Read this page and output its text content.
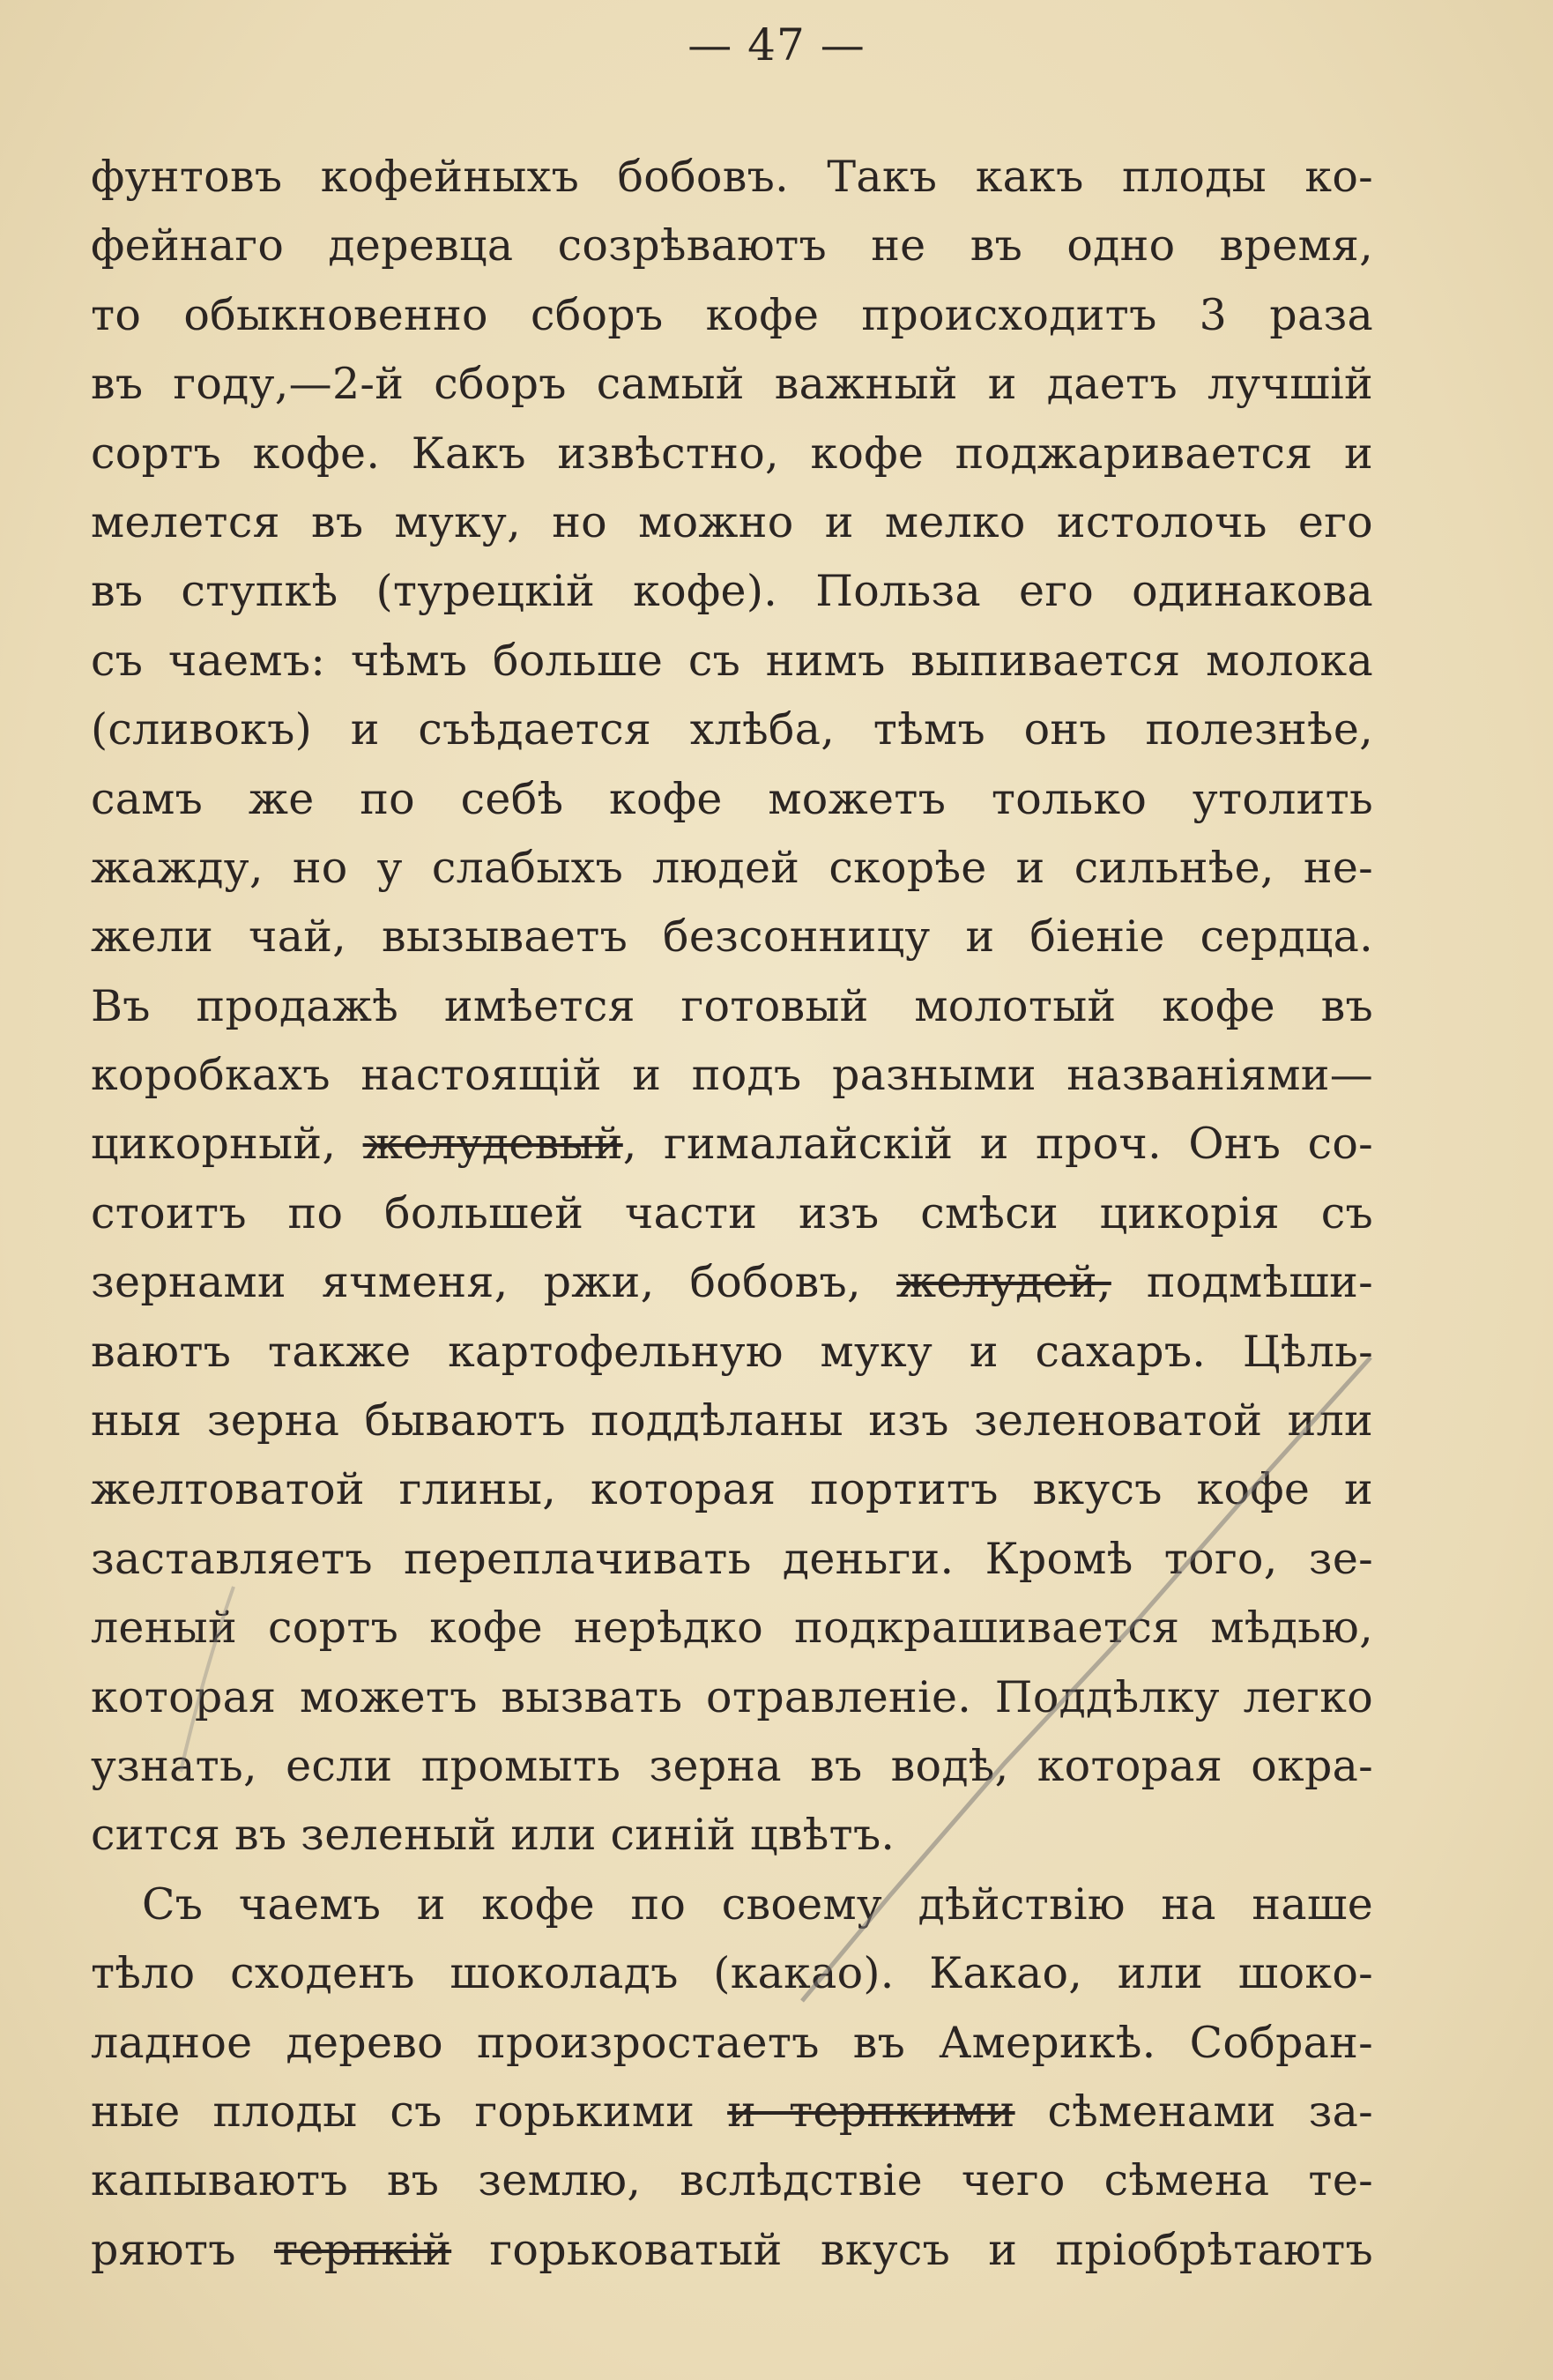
— 47 —
фунтовъ кофейныхъ бобовъ. Такъ какъ плоды ко-
фейнаго деревца созрѣваютъ не въ одно время,
то обыкновенно сборъ кофе происходитъ 3 раза
въ году,—2-й сборъ самый важный и даетъ лучшій
сортъ кофе. Какъ извѣстно, кофе поджаривается и
мелется въ муку, но можно и мелко истолочь его
въ ступкѣ (турецкій кофе). Польза его одинакова
съ чаемъ: чѣмъ больше съ нимъ выпивается молока
(сливокъ) и съѣдается хлѣба, тѣмъ онъ полезнѣе,
самъ же по себѣ кофе можетъ только утолить
жажду, но у слабыхъ людей скорѣе и сильнѣе, не-
жели чай, вызываетъ безсонницу и біеніе сердца.
Въ продажѣ имѣется готовый молотый кофе въ
коробкахъ настоящій и подъ разными названіями—
цикорный, желудевый, гималайскій и проч. Онъ со-
стоитъ по большей части изъ смѣси цикорія съ
зернами ячменя, ржи, бобовъ, желудей, подмѣши-
ваютъ также картофельную муку и сахаръ. Цѣль-
ныя зерна бываютъ поддѣланы изъ зеленоватой или
желтоватой глины, которая портитъ вкусъ кофе и
заставляетъ переплачивать деньги. Кромѣ того, зе-
леный сортъ кофе нерѣдко подкрашивается мѣдью,
которая можетъ вызвать отравленіе. Поддѣлку легко
узнать, если промыть зерна въ водѣ, которая окра-
сится въ зеленый или синій цвѣтъ.
Съ чаемъ и кофе по своему дѣйствію на наше
тѣло сходенъ шоколадъ (какао). Какао, или шоко-
ладное дерево произростаетъ въ Америкѣ. Собран-
ные плоды съ горькими и терпкими сѣменами за-
капываютъ въ землю, вслѣдствіе чего сѣмена те-
ряютъ терпкій горьковатый вкусъ и пріобрѣтаютъ
